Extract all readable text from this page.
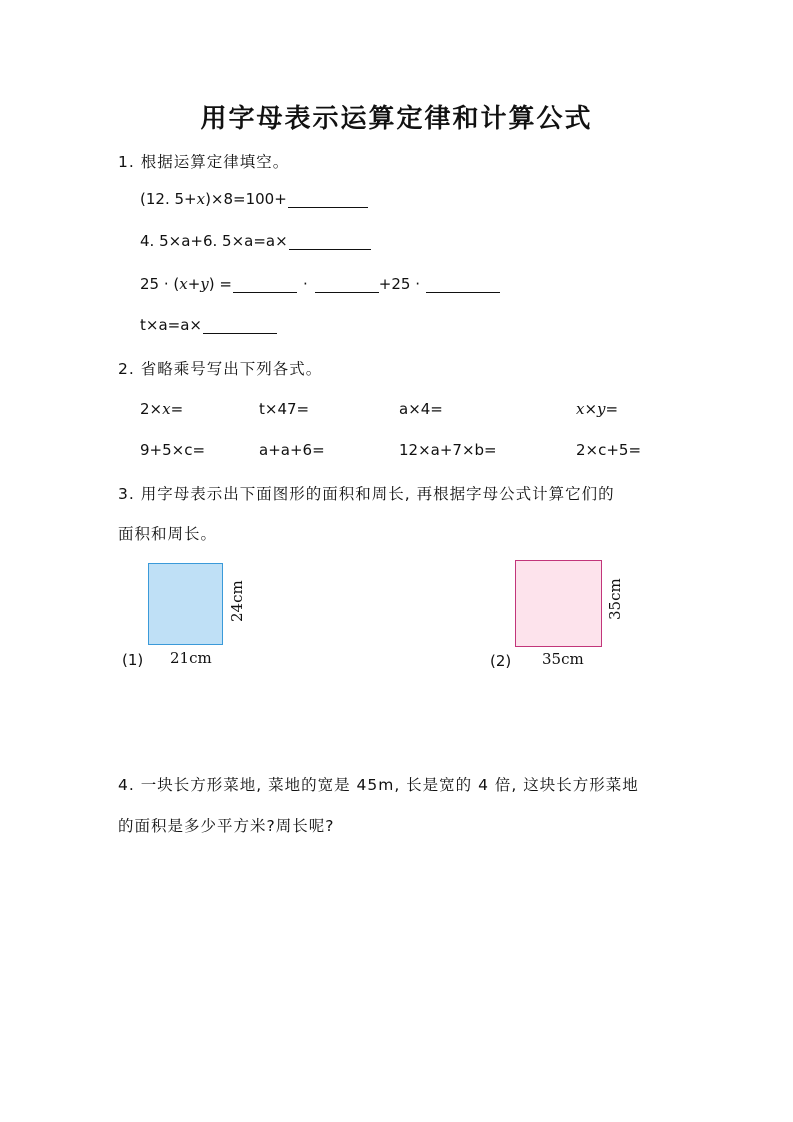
用字母表示运算定律和计算公式
1. 根据运算定律填空。
(12. 5+ x )×8=100+
4. 5×a+6. 5×a=a×
25 · ( x + y ) =	·	+25 ·
t×a=a×
2. 省略乘号写出下列各式。
2×x=	t×47=	a×4=	x×y=
9+5×c=	a+a+6=	12×a+7×b=	2×c+5=
3. 用字母表示出下面图形的面积和周长, 再根据字母公式计算它们的
面积和周长。
24cm
21cm
(1)
35cm
35cm
(2)
4. 一块长方形菜地, 菜地的宽是 45m, 长是宽的 4 倍, 这块长方形菜地
的面积是多少平方米?周长呢?
